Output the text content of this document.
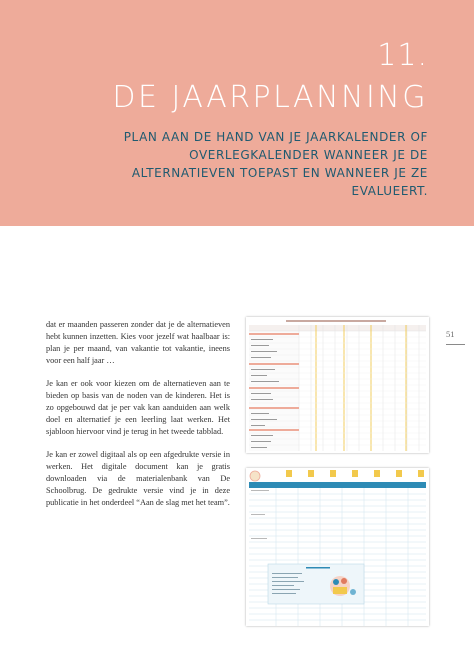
11.
DE JAARPLANNING
PLAN AAN DE HAND VAN JE JAARKALENDER OF OVERLEGKALENDER WANNEER JE DE ALTERNATIEVEN TOEPAST EN WANNEER JE ZE EVALUEERT.

dat er maanden passeren zonder dat je de alternatieven hebt kunnen inzetten. Kies voor jezelf wat haalbaar is: plan je per maand, van vakantie tot vakantie, ineens voor een half jaar …

Je kan er ook voor kiezen om de alternatieven aan te bieden op basis van de noden van de kinderen. Het is zo opgebouwd dat je per vak kan aanduiden aan welk doel en alternatief je een leerling laat werken. Het sjabloon hiervoor vind je terug in het tweede tabblad.

Je kan er zowel digitaal als op een afgedrukte versie in werken. Het digitale document kan je gratis downloaden via de materialenbank van De Schoolbrug. De gedrukte versie vind je in deze publicatie in het onderdeel “Aan de slag met het team”.

51
